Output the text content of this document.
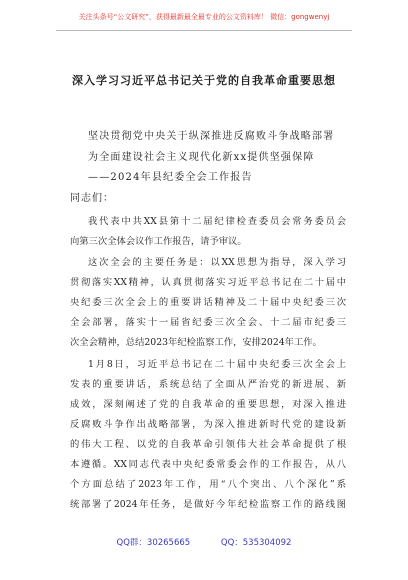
关注头条号“公文研究”，获得最新最全最专业的公文资料库！ 微信：gongwenyj
深入学习习近平总书记关于党的自我革命重要思想
坚决贯彻党中央关于纵深推进反腐败斗争战略部署
为全面建设社会主义现代化新xx提供坚强保障
——2024年县纪委全会工作报告
同志们：
我代表中共XX县第十二届纪律检查委员会常务委员会
向第三次全体会议作工作报告，请予审议。
这次全会的主要任务是：以XX思想为指导，深入学习
贯彻落实XX精神，认真贯彻落实习近平总书记在二十届中
央纪委三次全会上的重要讲话精神及二十届中央纪委三次
全会部署，落实十一届省纪委三次全会、十二届市纪委三
次全会精神，总结2023年纪检监察工作，安排2024年工作。
1月8日，习近平总书记在二十届中央纪委三次全会上
发表的重要讲话，系统总结了全面从严治党的新进展、新
成效，深刻阐述了党的自我革命的重要思想，对深入推进
反腐败斗争作出战略部署，为深入推进新时代党的建设新
的伟大工程、以党的自我革命引领伟大社会革命提供了根
本遵循。XX同志代表中央纪委常委会作的工作报告，从八
个方面总结了2023年工作，用“八个突出、八个深化”系
统部署了2024年任务，是做好今年纪检监察工作的路线图
QQ群：30265665	QQ：535304092
